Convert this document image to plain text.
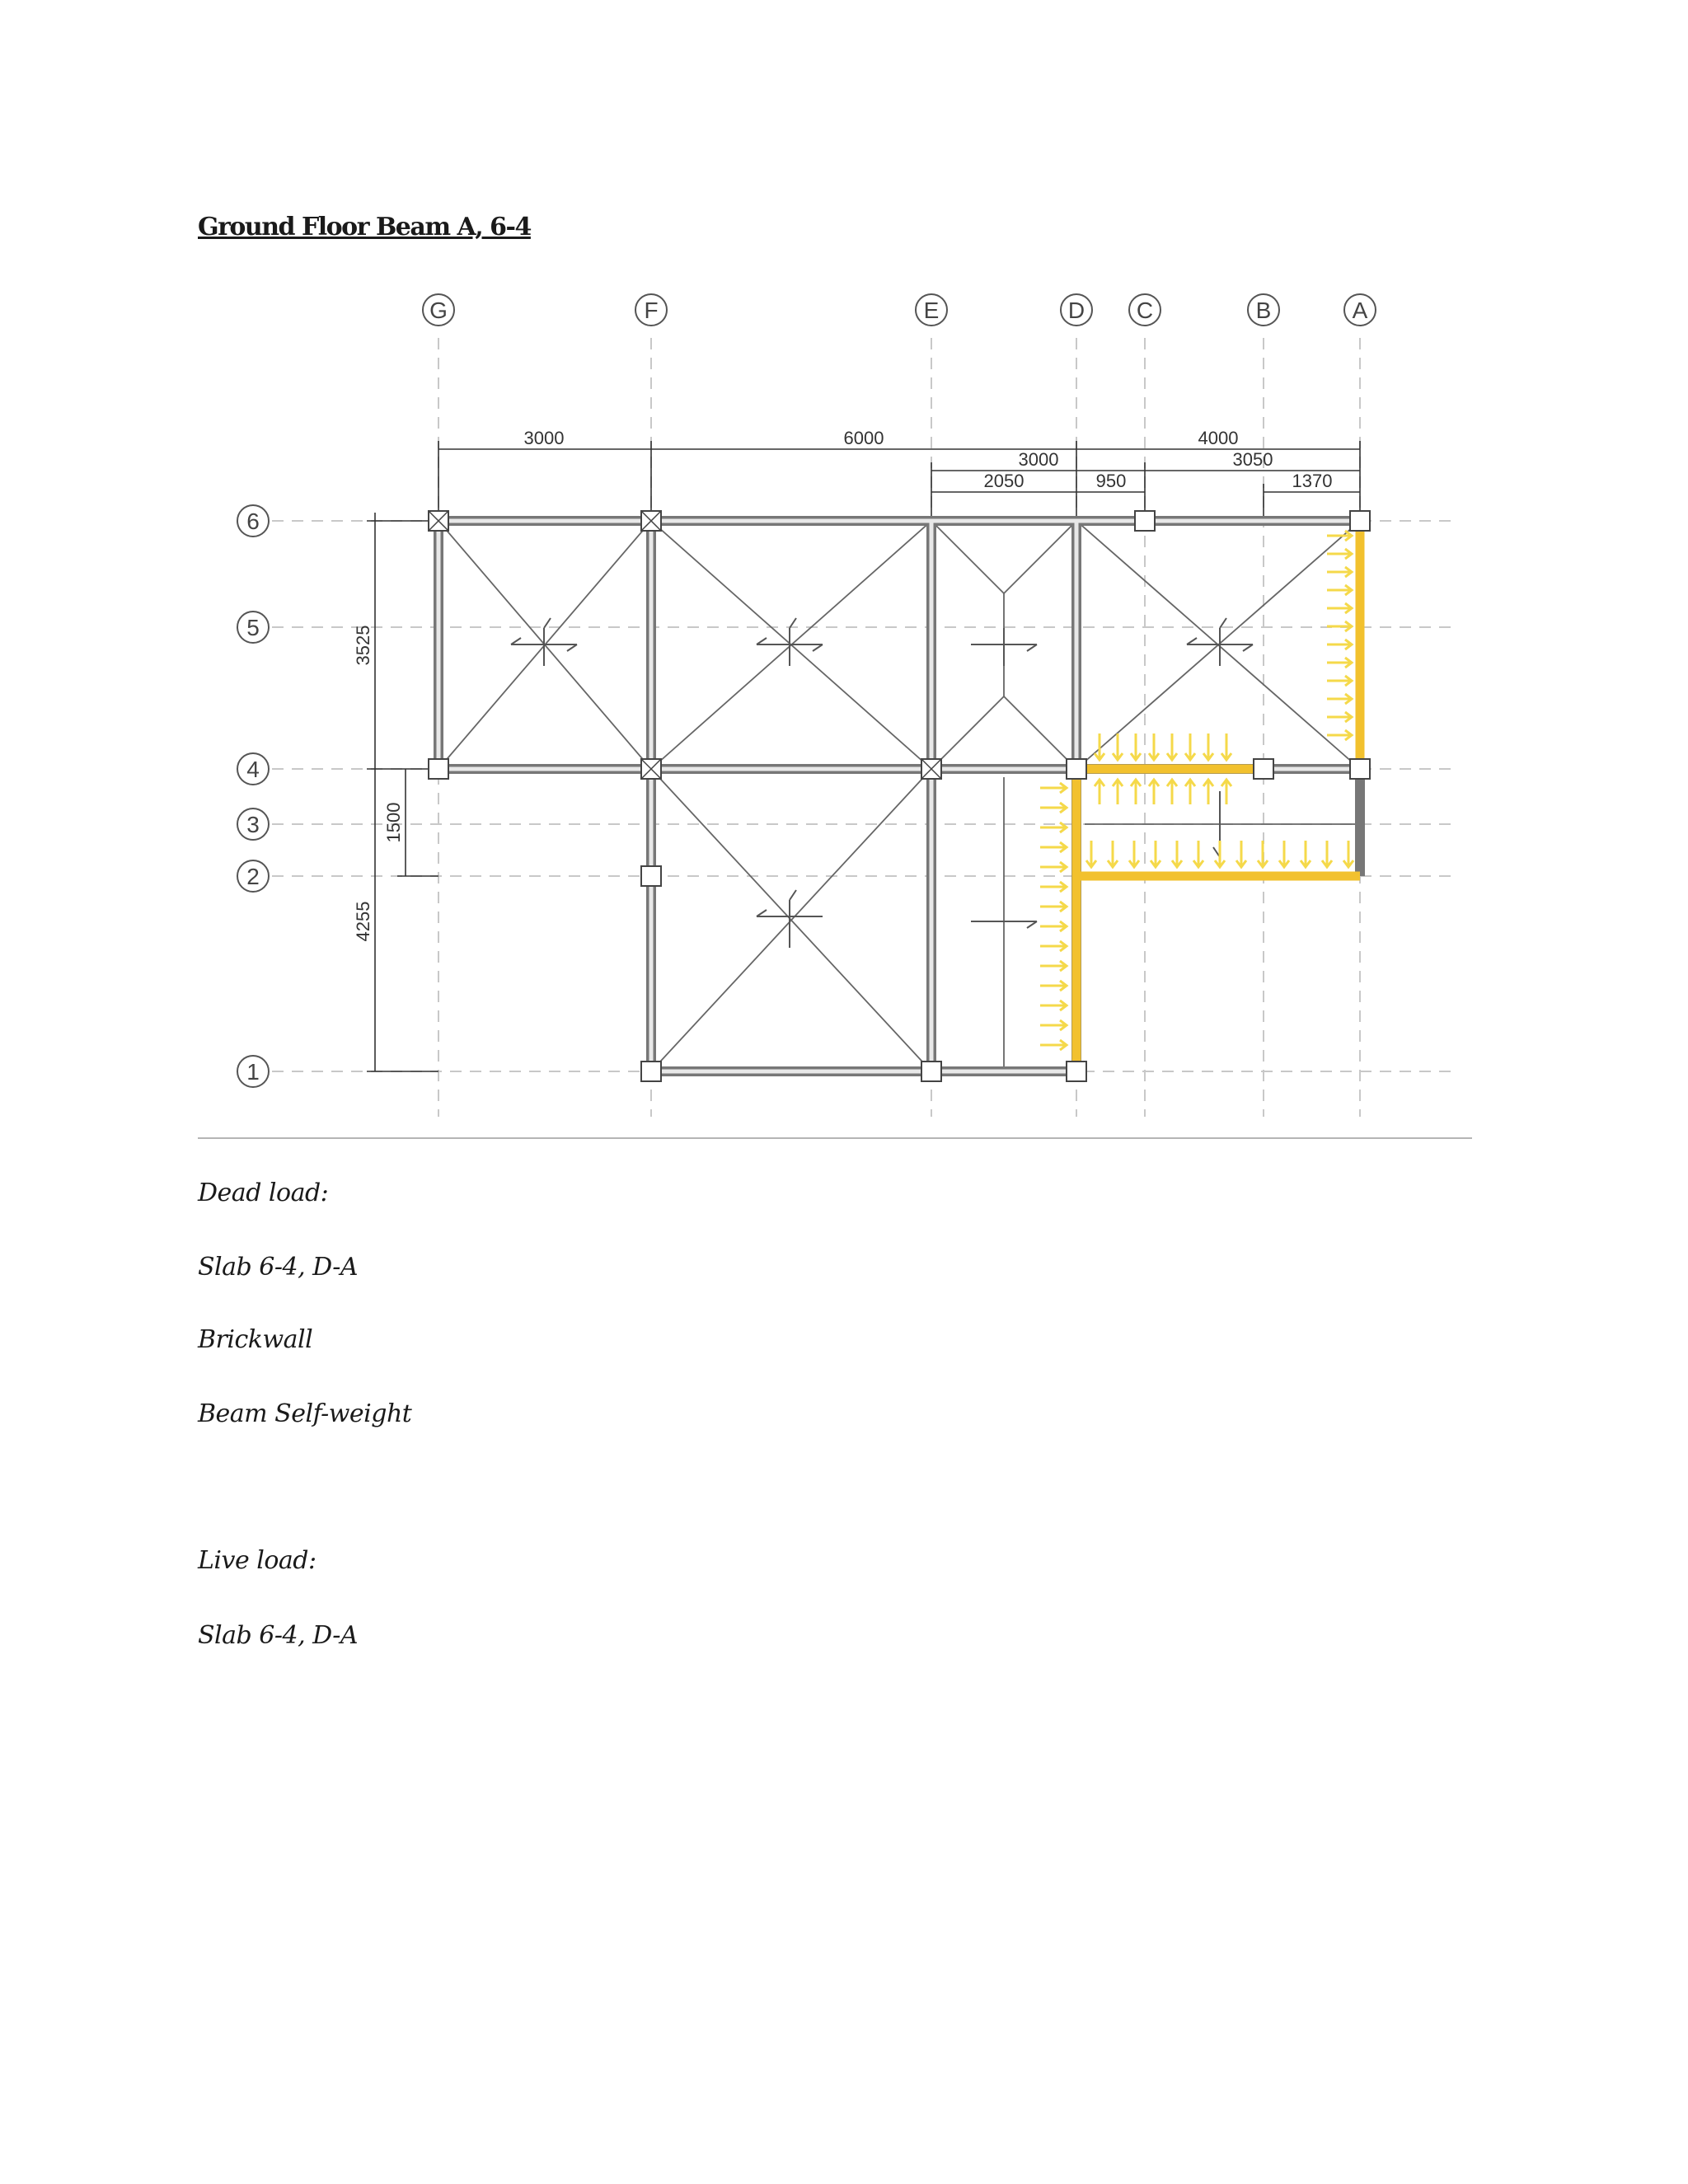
Ground Floor Beam A, 6-4
G	F	E	D C	B	A
6
5
4
3
2
1
3000	6000	4000
3000	3050
2050	950	1370
3525
1500
4255
Dead load:
Slab 6-4, D-A
Brickwall
Beam Self-weight
Live load:
Slab 6-4, D-A
